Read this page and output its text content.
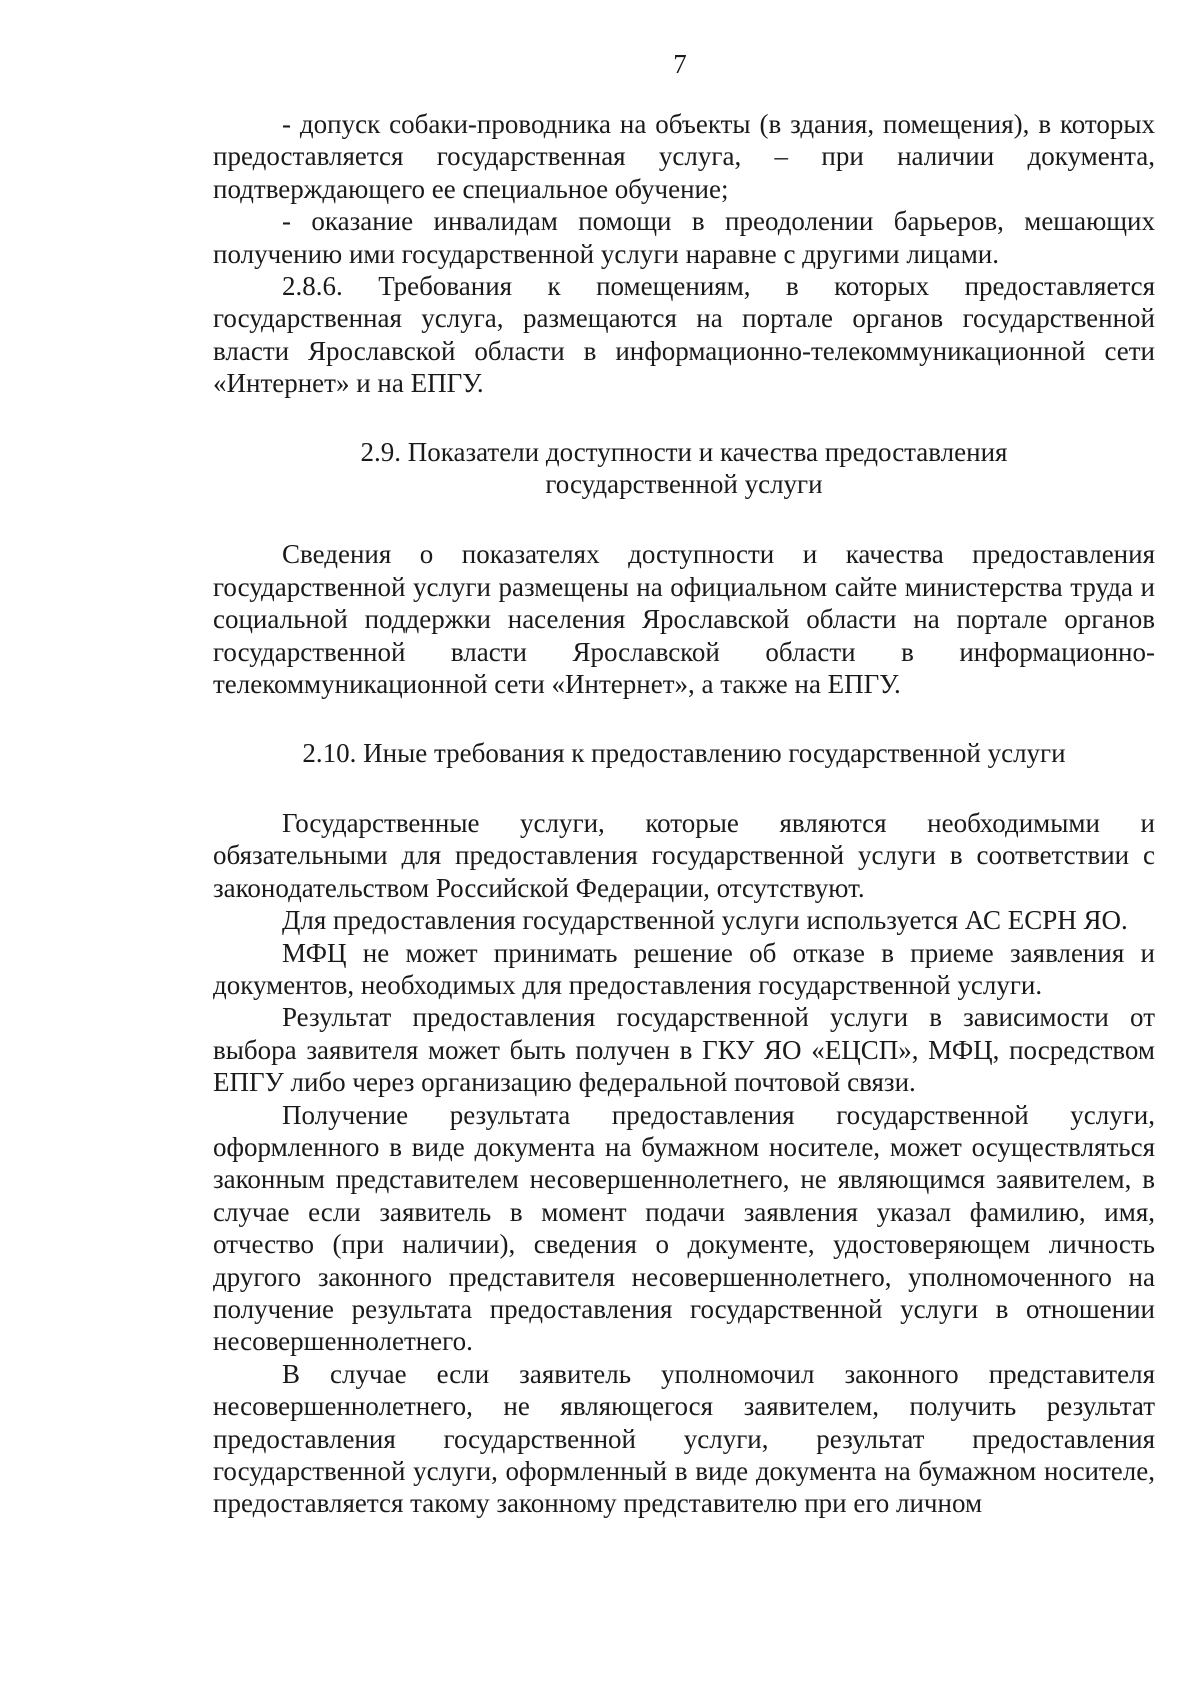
7

- допуск собаки-проводника на объекты (в здания, помещения), в которых предоставляется государственная услуга, – при наличии документа, подтверждающего ее специальное обучение;

- оказание инвалидам помощи в преодолении барьеров, мешающих получению ими государственной услуги наравне с другими лицами.

2.8.6. Требования к помещениям, в которых предоставляется государственная услуга, размещаются на портале органов государственной власти Ярославской области в информационно-телекоммуникационной сети «Интернет» и на ЕПГУ.

2.9. Показатели доступности и качества предоставления
государственной услуги

Сведения о показателях доступности и качества предоставления государственной услуги размещены на официальном сайте министерства труда и социальной поддержки населения Ярославской области на портале органов государственной власти Ярославской области в информационно-телекоммуникационной сети «Интернет», а также на ЕПГУ.

2.10. Иные требования к предоставлению государственной услуги

Государственные услуги, которые являются необходимыми и обязательными для предоставления государственной услуги в соответствии с законодательством Российской Федерации, отсутствуют.

Для предоставления государственной услуги используется АС ЕСРН ЯО.

МФЦ не может принимать решение об отказе в приеме заявления и документов, необходимых для предоставления государственной услуги.

Результат предоставления государственной услуги в зависимости от выбора заявителя может быть получен в ГКУ ЯО «ЕЦСП», МФЦ, посредством ЕПГУ либо через организацию федеральной почтовой связи.

Получение результата предоставления государственной услуги, оформленного в виде документа на бумажном носителе, может осуществляться законным представителем несовершеннолетнего, не являющимся заявителем, в случае если заявитель в момент подачи заявления указал фамилию, имя, отчество (при наличии), сведения о документе, удостоверяющем личность другого законного представителя несовершеннолетнего, уполномоченного на получение результата предоставления государственной услуги в отношении несовершеннолетнего.

В случае если заявитель уполномочил законного представителя несовершеннолетнего, не являющегося заявителем, получить результат предоставления государственной услуги, результат предоставления государственной услуги, оформленный в виде документа на бумажном носителе, предоставляется такому законному представителю при его личном
